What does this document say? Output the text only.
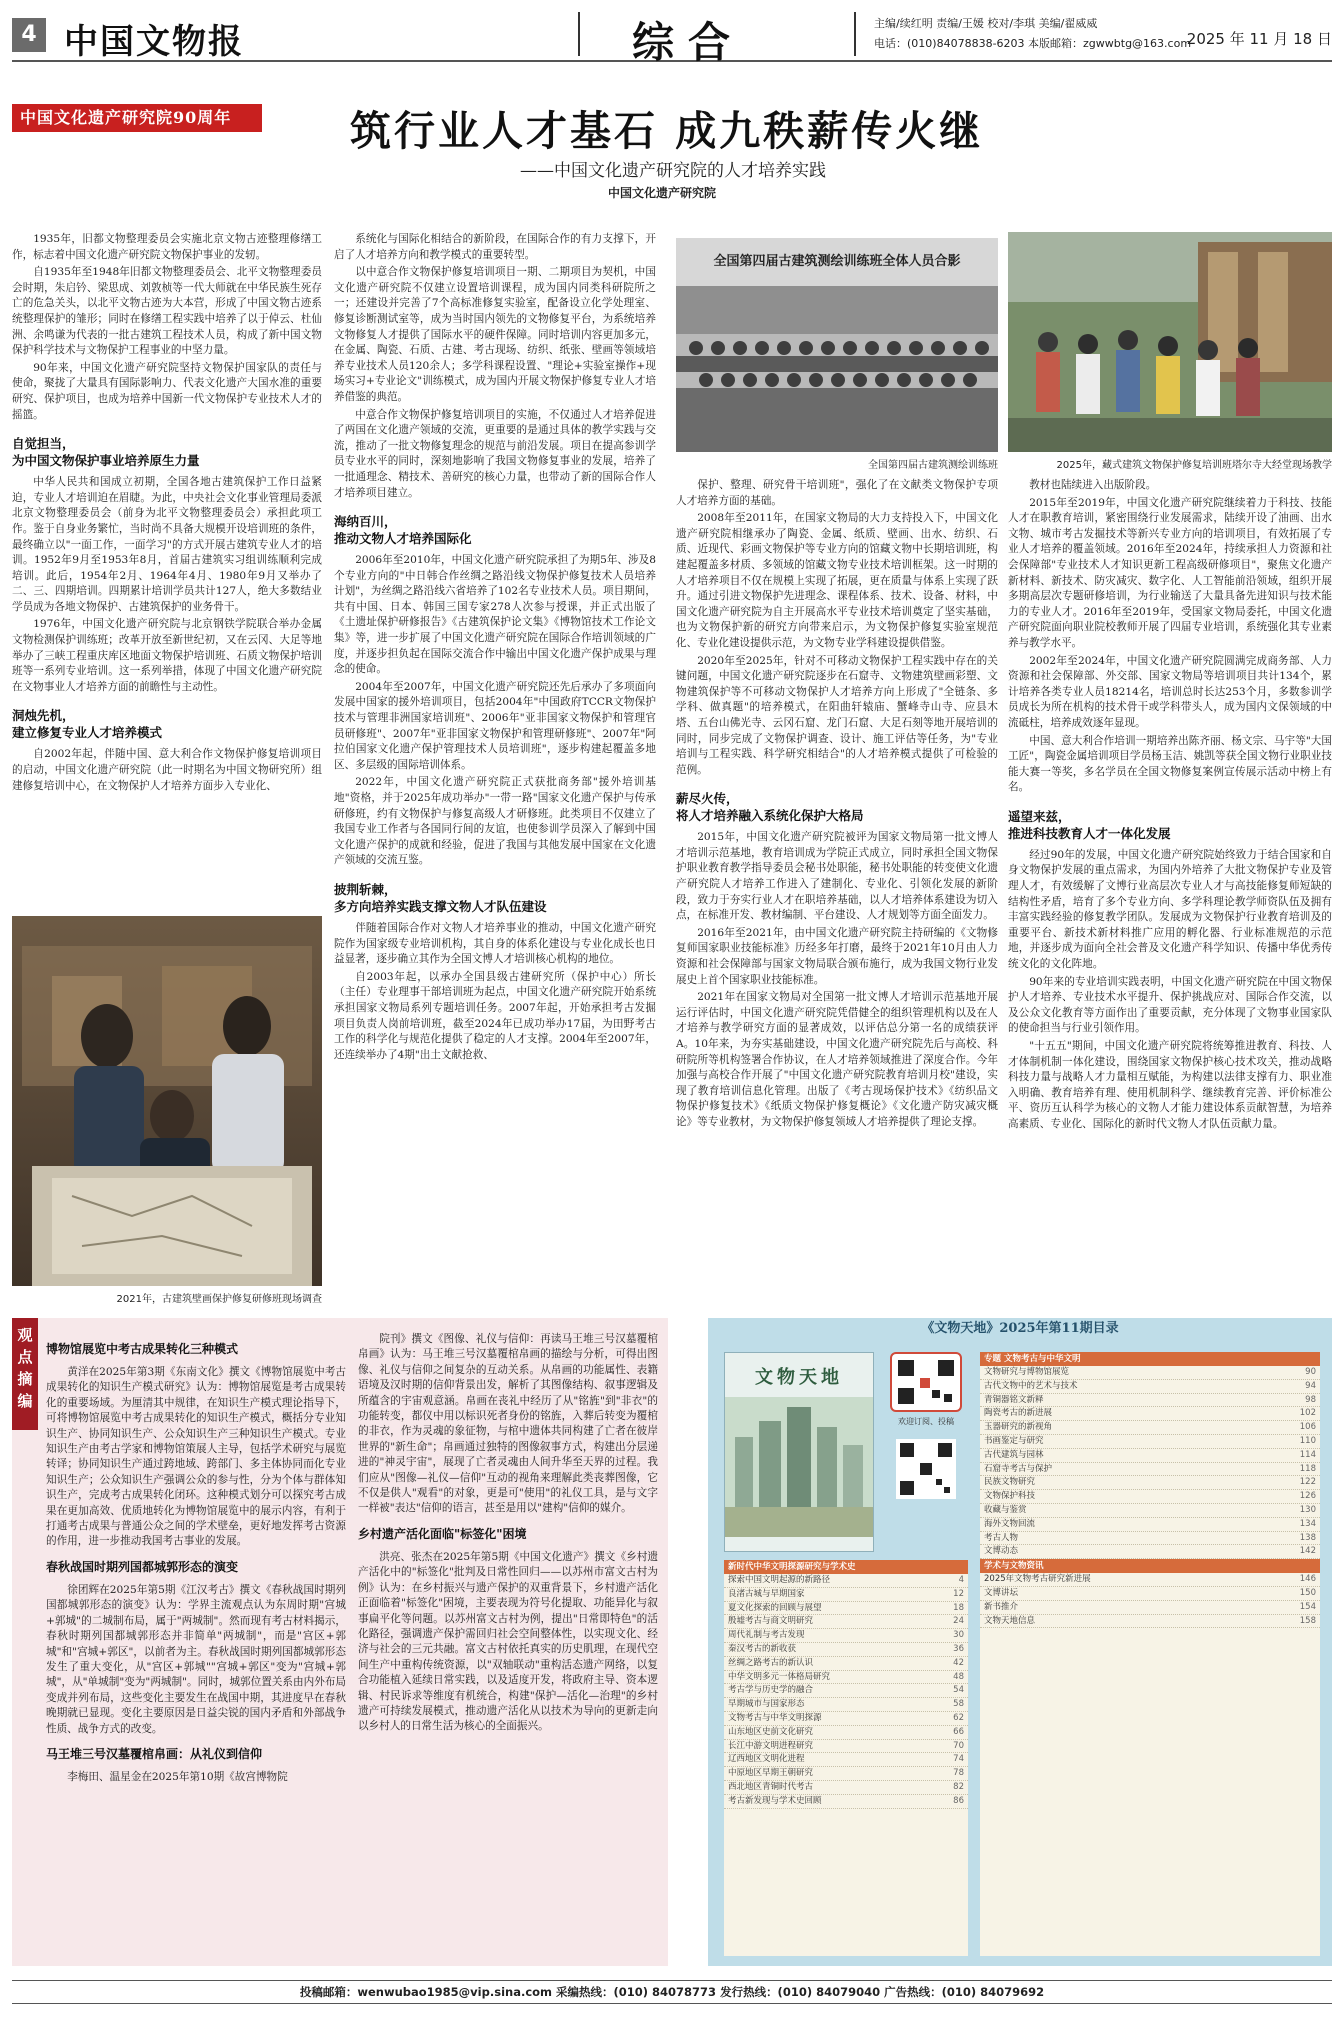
4 中国文物报	综合	主编/续红明 责编/王媛 校对/李琪 美编/翟威威
电话：(010)84078838-6203 本版邮箱：zgwwbtg@163.com
2025 年 11 月 18 日
中国文化遗产研究院90周年	筑行业人才基石 成九秩薪传火继
——中国文化遗产研究院的人才培养实践
中国文化遗产研究院

1935年，旧都文物整理委员会实施北京文物古迹整理修缮工作，标志着中国文化遗产研究院文物保护事业的发轫。

自1935年至1948年旧都文物整理委员会、北平文物整理委员会时期，朱启钤、梁思成、刘敦桢等一代大师就在中华民族生死存亡的危急关头，以北平文物古迹为大本营，形成了中国文物古迹系统整理保护的雏形；同时在修缮工程实践中培养了以于倬云、杜仙洲、余鸣谦为代表的一批古建筑工程技术人员，构成了新中国文物保护科学技术与文物保护工程事业的中坚力量。

90年来，中国文化遗产研究院坚持文物保护国家队的责任与使命，聚拢了大量具有国际影响力、代表文化遗产大国水准的重要研究、保护项目，也成为培养中国新一代文物保护专业技术人才的摇篮。

自觉担当，
为中国文物保护事业培养原生力量

中华人民共和国成立初期，全国各地古建筑保护工作日益紧迫，专业人才培训迫在眉睫。为此，中央社会文化事业管理局委派北京文物整理委员会（前身为北平文物整理委员会）承担此项工作。鉴于自身业务繁忙，当时尚不具备大规模开设培训班的条件，最终确立以"一面工作，一面学习"的方式开展古建筑专业人才的培训。1952年9月至1953年8月，首届古建筑实习组训练顺利完成培训。此后，1954年2月、1964年4月、1980年9月又举办了二、三、四期培训。四期累计培训学员共计127人，绝大多数结业学员成为各地文物保护、古建筑保护的业务骨干。

1976年，中国文化遗产研究院与北京钢铁学院联合举办金属文物检测保护训练班；改革开放至新世纪初，又在云冈、大足等地举办了三峡工程重庆库区地面文物保护培训班、石质文物保护培训班等一系列专业培训。这一系列举措，体现了中国文化遗产研究院在文物事业人才培养方面的前瞻性与主动性。

洞烛先机，
建立修复专业人才培养模式

自2002年起，伴随中国、意大利合作文物保护修复培训项目的启动，中国文化遗产研究院（此一时期名为中国文物研究所）组建修复培训中心，在文物保护人才培养方面步入专业化、

2021年，古建筑壁画保护修复研修班现场调查

系统化与国际化相结合的新阶段，在国际合作的有力支撑下，开启了人才培养方向和教学模式的重要转型。

以中意合作文物保护修复培训项目一期、二期项目为契机，中国文化遗产研究院不仅建立设置培训课程，成为国内同类科研院所之一；还建设并完善了7个高标准修复实验室，配备设立化学处理室、修复诊断测试室等，成为当时国内领先的文物修复平台，为系统培养文物修复人才提供了国际水平的硬件保障。同时培训内容更加多元，在金属、陶瓷、石质、古建、考古现场、纺织、纸张、壁画等领域培养专业技术人员120余人；多学科课程设置、"理论+实验室操作+现场实习+专业论文"训练模式，成为国内开展文物保护修复专业人才培养借鉴的典范。

中意合作文物保护修复培训项目的实施，不仅通过人才培养促进了两国在文化遗产领域的交流，更重要的是通过具体的教学实践与交流，推动了一批文物修复理念的规范与前沿发展。项目在提高参训学员专业水平的同时，深刻地影响了我国文物修复事业的发展，培养了一批通理念、精技术、善研究的核心力量，也带动了新的国际合作人才培养项目建立。

海纳百川，
推动文物人才培养国际化

2006年至2010年，中国文化遗产研究院承担了为期5年、涉及8个专业方向的"中日韩合作丝绸之路沿线文物保护修复技术人员培养计划"，为丝绸之路沿线六省培养了102名专业技术人员。项目期间，共有中国、日本、韩国三国专家278人次参与授课，并正式出版了《土遗址保护研修报告》《古建筑保护论文集》《博物馆技术工作论文集》等，进一步扩展了中国文化遗产研究院在国际合作培训领域的广度，并逐步担负起在国际交流合作中输出中国文化遗产保护成果与理念的使命。

2004年至2007年，中国文化遗产研究院还先后承办了多项面向发展中国家的援外培训项目，包括2004年"中国政府TCCR文物保护技术与管理非洲国家培训班"、2006年"亚非国家文物保护和管理官员研修班"、2007年"亚非国家文物保护和管理研修班"、2007年"阿拉伯国家文化遗产保护管理技术人员培训班"，逐步构建起覆盖多地区、多层级的国际培训体系。

2022年，中国文化遗产研究院正式获批商务部"援外培训基地"资格，并于2025年成功举办"一带一路"国家文化遗产保护与传承研修班，约有文物保护与修复高级人才研修班。此类项目不仅建立了我国专业工作者与各国同行间的友谊，也使参训学员深入了解到中国文化遗产保护的成就和经验，促进了我国与其他发展中国家在文化遗产领域的交流互鉴。

披荆斩棘，
多方向培养实践支撑文物人才队伍建设

伴随着国际合作对文物人才培养事业的推动，中国文化遗产研究院作为国家级专业培训机构，其自身的体系化建设与专业化成长也日益显著，逐步确立其作为全国文博人才培训核心机构的地位。

自2003年起，以承办全国县级古建研究所（保护中心）所长（主任）专业理事干部培训班为起点，中国文化遗产研究院开始系统承担国家文物局系列专题培训任务。2007年起，开始承担考古发掘项目负责人岗前培训班，截至2024年已成功举办17届，为田野考古工作的科学化与规范化提供了稳定的人才支撑。2004年至2007年，还连续举办了4期"出土文献抢救、

全国第四届古建筑测绘训练班全体人员合影
全国第四届古建筑测绘训练班	2025年，藏式建筑文物保护修复培训班塔尔寺大经堂现场教学

保护、整理、研究骨干培训班"，强化了在文献类文物保护专项人才培养方面的基础。

2008年至2011年，在国家文物局的大力支持投入下，中国文化遗产研究院相继承办了陶瓷、金属、纸质、壁画、出水、纺织、石质、近现代、彩画文物保护等专业方向的馆藏文物中长期培训班，构建起覆盖多材质、多领域的馆藏文物专业技术培训框架。这一时期的人才培养项目不仅在规模上实现了拓展，更在质量与体系上实现了跃升。通过引进文物保护先进理念、课程体系、技术、设备、材料，中国文化遗产研究院为自主开展高水平专业技术培训奠定了坚实基础，也为文物保护新的研究方向带来启示，为文物保护修复实验室规范化、专业化建设提供示范，为文物专业学科建设提供借鉴。

2020年至2025年，针对不可移动文物保护工程实践中存在的关键问题，中国文化遗产研究院逐步在石窟寺、文物建筑壁画彩塑、文物建筑保护等不可移动文物保护人才培养方向上形成了"全链条、多学科、做真题"的培养模式，在阳曲轩辕庙、蟹峰寺山寺、应县木塔、五台山佛光寺、云冈石窟、龙门石窟、大足石刻等地开展培训的同时，同步完成了文物保护调查、设计、施工评估等任务，为"专业培训与工程实践、科学研究相结合"的人才培养模式提供了可检验的范例。

薪尽火传，
将人才培养融入系统化保护大格局

2015年，中国文化遗产研究院被评为国家文物局第一批文博人才培训示范基地，教育培训成为学院正式成立，同时承担全国文物保护职业教育教学指导委员会秘书处职能，秘书处职能的转变使文化遗产研究院人才培养工作进入了建制化、专业化、引领化发展的新阶段，致力于夯实行业人才在职培养基础，以人才培养体系建设为切入点，在标准开发、教材编制、平台建设、人才规划等方面全面发力。

2016年至2021年，由中国文化遗产研究院主持研编的《文物修复师国家职业技能标准》历经多年打磨，最终于2021年10月由人力资源和社会保障部与国家文物局联合颁布施行，成为我国文物行业发展史上首个国家职业技能标准。

2021年在国家文物局对全国第一批文博人才培训示范基地开展运行评估时，中国文化遗产研究院凭借健全的组织管理机构以及在人才培养与教学研究方面的显著成效，以评估总分第一名的成绩获评A。10年来，为夯实基础建设，中国文化遗产研究院先后与高校、科研院所等机构签署合作协议，在人才培养领域推进了深度合作。今年加强与高校合作开展了"中国文化遗产研究院教育培训月校"建设，实现了教育培训信息化管理。出版了《考古现场保护技术》《纺织品文物保护修复技术》《纸质文物保护修复概论》《文化遗产防灾减灾概论》等专业教材，为文物保护修复领域人才培养提供了理论支撑。

教材也陆续进入出版阶段。

2015年至2019年，中国文化遗产研究院继续着力于科技、技能人才在职教育培训，紧密围绕行业发展需求，陆续开设了油画、出水文物、城市考古发掘技术等新兴专业方向的培训项目，有效拓展了专业人才培养的覆盖领域。2016年至2024年，持续承担人力资源和社会保障部"专业技术人才知识更新工程高级研修项目"，聚焦文化遗产新材料、新技术、防灾减灾、数字化、人工智能前沿领域，组织开展多期高层次专题研修培训，为行业输送了大量具备先进知识与技术能力的专业人才。2016年至2019年，受国家文物局委托，中国文化遗产研究院面向职业院校教师开展了四届专业培训，系统强化其专业素养与教学水平。

2002年至2024年，中国文化遗产研究院圆满完成商务部、人力资源和社会保障部、外交部、国家文物局等培训项目共计134个，累计培养各类专业人员18214名，培训总时长达253个月，多数参训学员成长为所在机构的技术骨干或学科带头人，成为国内文保领域的中流砥柱，培养成效逐年显现。

中国、意大利合作培训一期培养出陈齐丽、杨文宗、马宇等"大国工匠"，陶瓷金属培训项目学员杨玉洁、姚凯等获全国文物行业职业技能大赛一等奖，多名学员在全国文物修复案例宣传展示活动中榜上有名。

遥望来兹，
推进科技教育人才一体化发展

经过90年的发展，中国文化遗产研究院始终致力于结合国家和自身文物保护发展的重点需求，为国内外培养了大批文物保护专业及管理人才，有效缓解了文博行业高层次专业人才与高技能修复师短缺的结构性矛盾，培育了多个专业方向、多学科理论教学师资队伍及拥有丰富实践经验的修复教学团队。发展成为文物保护行业教育培训及的重要平台、新技术新材料推广应用的孵化器、行业标准规范的示范地，并逐步成为面向全社会普及文化遗产科学知识、传播中华优秀传统文化的文化阵地。

90年来的专业培训实践表明，中国文化遗产研究院在中国文物保护人才培养、专业技术水平提升、保护挑战应对、国际合作交流，以及公众文化教育等方面作出了重要贡献，充分体现了文物事业国家队的使命担当与行业引领作用。

"十五五"期间，中国文化遗产研究院将统筹推进教育、科技、人才体制机制一体化建设，围绕国家文物保护核心技术攻关，推动战略科技力量与战略人才力量相互赋能，为构建以法律支撑有力、职业准入明确、教育培养有理、使用机制科学、继续教育完善、评价标准公平、资历互认科学为核心的文物人才能力建设体系贡献智慧，为培养高素质、专业化、国际化的新时代文物人才队伍贡献力量。

观点摘编
博物馆展览中考古成果转化三种模式

黄洋在2025年第3期《东南文化》撰文《博物馆展览中考古成果转化的知识生产模式研究》认为：博物馆展览是考古成果转化的重要场域。为厘清其中规律，在知识生产模式理论指导下，可将博物馆展览中考古成果转化的知识生产模式，概括分专业知识生产、协同知识生产、公众知识生产三种知识生产模式。专业知识生产由考古学家和博物馆策展人主导，包括学术研究与展览转译；协同知识生产通过跨地域、跨部门、多主体协同而化专业知识生产；公众知识生产强调公众的参与性，分为个体与群体知识生产，完成考古成果转化闭环。这种模式划分可以探究考古成果在更加高效、优质地转化为博物馆展览中的展示内容，有利于打通考古成果与普通公众之间的学术壁垒，更好地发挥考古资源的作用，进一步推动我国考古事业的发展。

春秋战国时期列国都城郭形态的演变

徐团辉在2025年第5期《江汉考古》撰文《春秋战国时期列国都城郭形态的演变》认为：学界主流观点认为东周时期"宫城+郭城"的二城制布局，属于"两城制"。然而现有考古材料揭示，春秋时期列国都城郭形态并非简单"两城制"，而是"宫区+郭城"和"宫城+郭区"，以前者为主。春秋战国时期列国都城郭形态发生了重大变化，从"宫区+郭城""宫城+郭区"变为"宫城+郭城"，从"单城制"变为"两城制"。同时，城郭位置关系由内外布局变成并列布局，这些变化主要发生在战国中期，其进度早在春秋晚期就已显现。变化主要原因是日益尖锐的国内矛盾和外部战争性质、战争方式的改变。

马王堆三号汉墓覆棺帛画：从礼仪到信仰

李梅田、温星金在2025年第10期《故宫博物院

院刊》撰文《图像、礼仪与信仰：再读马王堆三号汉墓覆棺帛画》认为：马王堆三号汉墓覆棺帛画的描绘与分析，可得出图像、礼仪与信仰之间复杂的互动关系。从帛画的功能属性、表籍语境及汉时期的信仰背景出发，解析了其图像结构、叙事逻辑及所蕴含的宇宙观意涵。帛画在丧礼中经历了从"铭旌"到"非衣"的功能转变，都仪中用以标识死者身份的铭旌，入葬后转变为覆棺的非衣，作为灵魂的象征物，与棺中遗体共同构建了亡者在彼岸世界的"新生命"；帛画通过独特的图像叙事方式，构建出分层递进的"神灵宇宙"，展现了亡者灵魂由人间升华至天界的过程。我们应从"图像—礼仪—信仰"互动的视角来理解此类丧葬图像，它不仅是供人"观看"的对象，更是可"使用"的礼仪工具，是与文字一样被"表达"信仰的语言，甚至是用以"建构"信仰的媒介。

乡村遗产活化面临"标签化"困境

洪亮、张杰在2025年第5期《中国文化遗产》撰文《乡村遗产活化中的"标签化"批判及日常性回归——以苏州市富文古村为例》认为：在乡村振兴与遗产保护的双重背景下，乡村遗产活化正面临着"标签化"困境，主要表现为符号化提取、功能异化与叙事扁平化等问题。以苏州富文古村为例，提出"日常即特色"的活化路径，强调遗产保护需回归社会空间整体性，以实现文化、经济与社会的三元共融。富文古村依托真实的历史肌理，在现代空间生产中重构传统资源，以"双轴联动"重构活态遗产网络，以复合功能植入延续日常实践，以及适度开发，将政府主导、资本逻辑、村民诉求等维度有机统合，构建"保护—活化—治理"的乡村遗产可持续发展模式，推动遗产活化从以技术为导向的更新走向以乡村人的日常生活为核心的全面振兴。

《文物天地》2025年第11期目录
文物天地
欢迎订阅、投稿
新时代中华文明探源研究与学术史
探索中国文明起源的新路径	4
良渚古城与早期国家	12
夏文化探索的回顾与展望	18
殷墟考古与商文明研究	24
周代礼制与考古发现	30
秦汉考古的新收获	36
丝绸之路考古的新认识	42
中华文明多元一体格局研究	48
考古学与历史学的融合	54
早期城市与国家形态	58
文物考古与中华文明探源	62
山东地区史前文化研究	66
长江中游文明进程研究	70
辽西地区文明化进程	74
中原地区早期王朝研究	78
西北地区青铜时代考古	82
考古新发现与学术史回顾	86
专题 文物考古与中华文明
文物研究与博物馆展览	90
古代文物中的艺术与技术	94
青铜器铭文新释	98
陶瓷考古的新进展	102
玉器研究的新视角	106
书画鉴定与研究	110
古代建筑与园林	114
石窟寺考古与保护	118
民族文物研究	122
文物保护科技	126
收藏与鉴赏	130
海外文物回流	134
考古人物	138
文博动态	142
学术与文物资讯
2025年文物考古研究新进展	146
文博讲坛	150
新书推介	154
文物天地信息	158
投稿邮箱：wenwubao1985@vip.sina.com 采编热线：(010) 84078773 发行热线：(010) 84079040 广告热线：(010) 84079692
